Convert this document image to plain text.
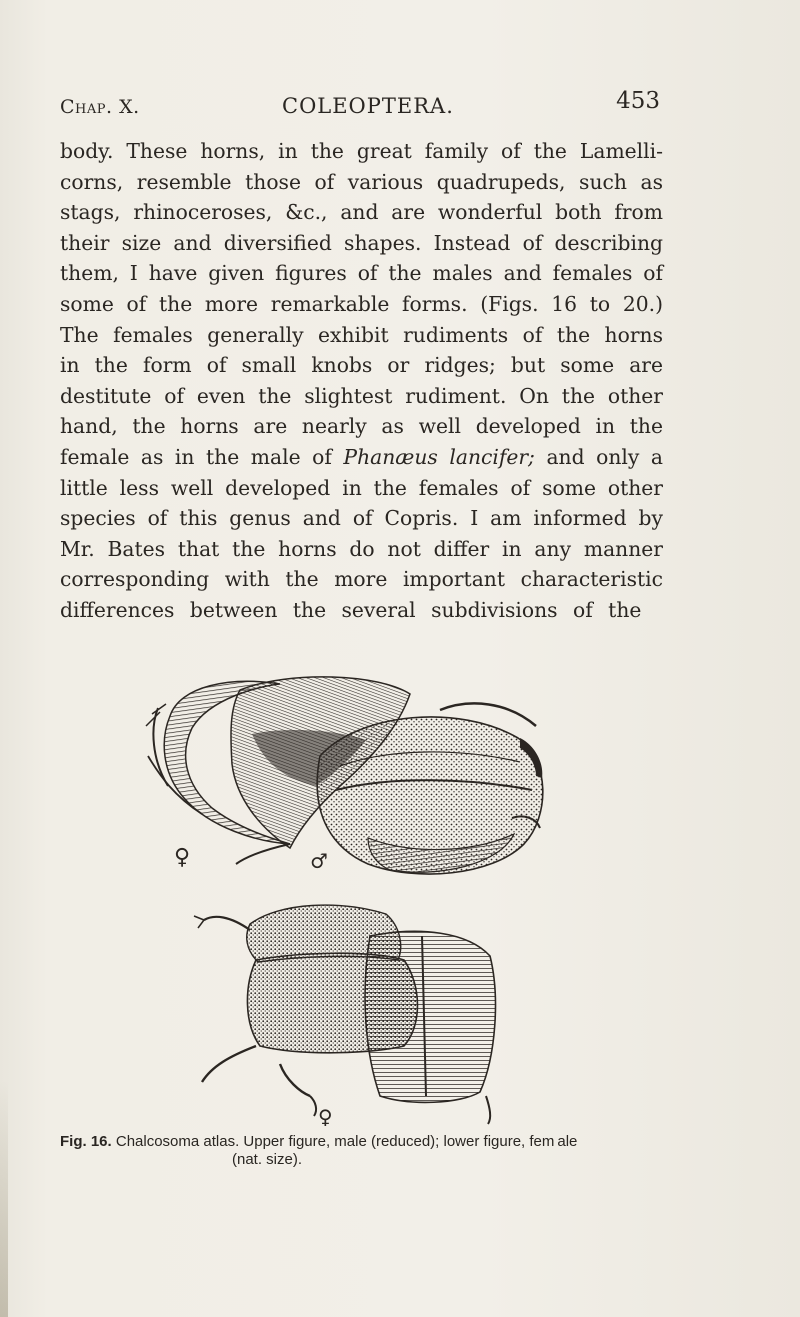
Chap. X.	COLEOPTERA.	453
body. These horns, in the great family of the Lamelli-
corns, resemble those of various quadrupeds, such as
stags, rhinoceroses, &c., and are wonderful both from
their size and diversified shapes. Instead of describing
them, I have given figures of the males and females of
some of the more remarkable forms. (Figs. 16 to 20.)
The females generally exhibit rudiments of the horns
in the form of small knobs or ridges; but some are
destitute of even the slightest rudiment. On the other
hand, the horns are nearly as well developed in the
female as in the male of Phanæus lancifer; and only a
little less well developed in the females of some other
species of this genus and of Copris. I am informed by
Mr. Bates that the horns do not differ in any manner
corresponding with the more important characteristic
differences between the several subdivisions of the
♀	♂
♀
Fig. 16. Chalcosoma atlas. Upper figure, male (reduced); lower figure, fem alе
(nat. size).
